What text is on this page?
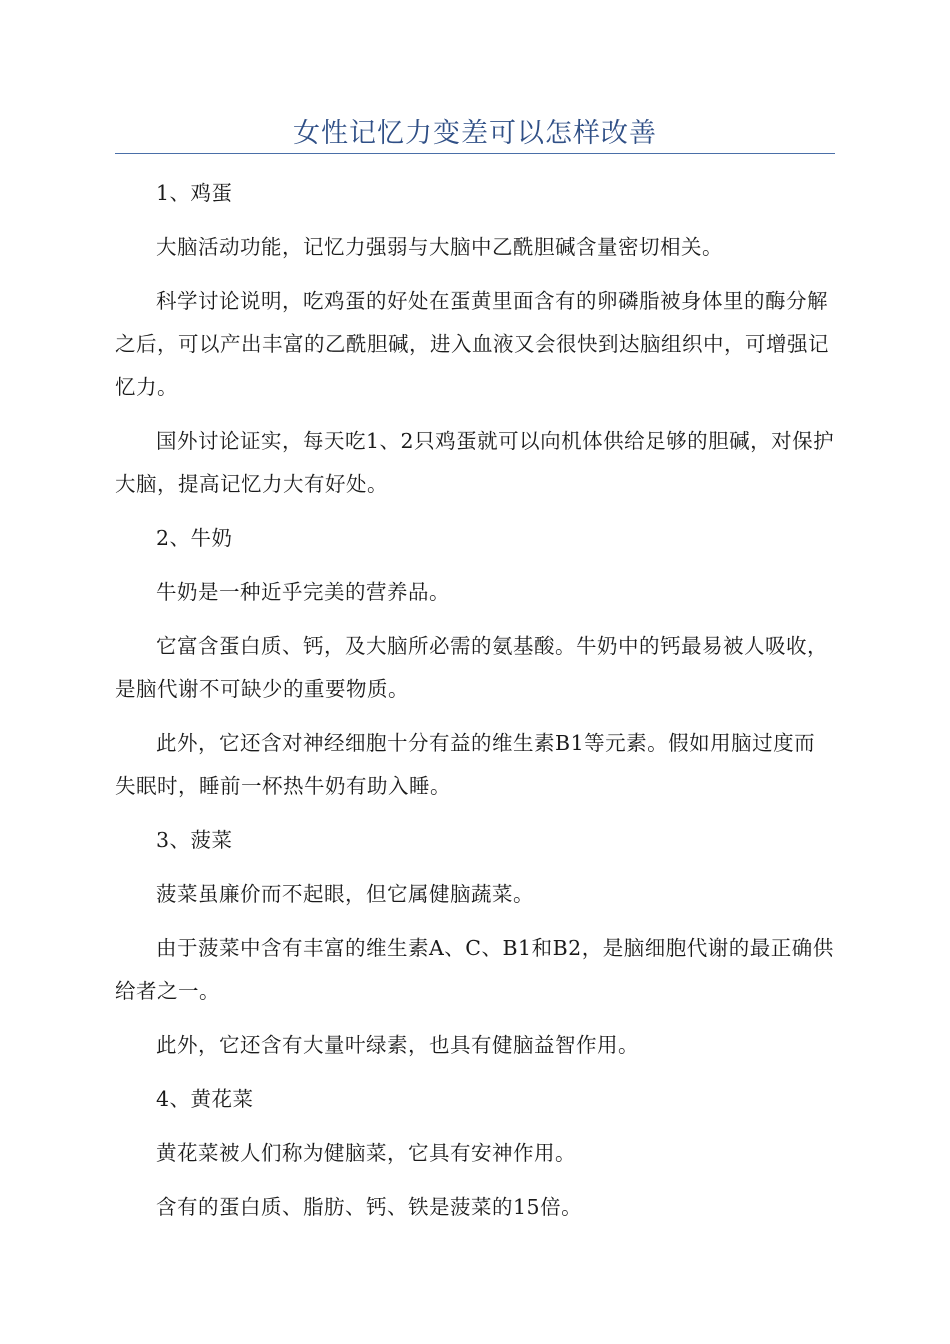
女性记忆力变差可以怎样改善

1、鸡蛋

大脑活动功能，记忆力强弱与大脑中乙酰胆碱含量密切相关。

科学讨论说明，吃鸡蛋的好处在蛋黄里面含有的卵磷脂被身体里的酶分解之后，可以产出丰富的乙酰胆碱，进入血液又会很快到达脑组织中，可增强记忆力。

国外讨论证实，每天吃1、2只鸡蛋就可以向机体供给足够的胆碱，对保护大脑，提高记忆力大有好处。

2、牛奶

牛奶是一种近乎完美的营养品。

它富含蛋白质、钙，及大脑所必需的氨基酸。牛奶中的钙最易被人吸收，是脑代谢不可缺少的重要物质。

此外，它还含对神经细胞十分有益的维生素B1等元素。假如用脑过度而失眠时，睡前一杯热牛奶有助入睡。

3、菠菜

菠菜虽廉价而不起眼，但它属健脑蔬菜。

由于菠菜中含有丰富的维生素A、C、B1和B2，是脑细胞代谢的最正确供给者之一。

此外，它还含有大量叶绿素，也具有健脑益智作用。

4、黄花菜

黄花菜被人们称为健脑菜，它具有安神作用。

含有的蛋白质、脂肪、钙、铁是菠菜的15倍。
